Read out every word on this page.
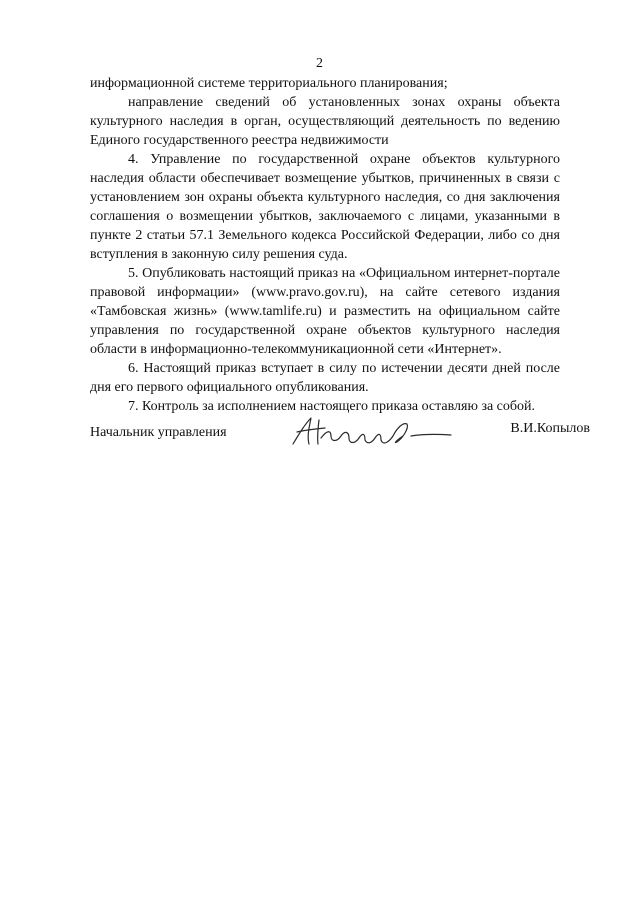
2

информационной системе территориального планирования;

направление сведений об установленных зонах охраны объекта культурного наследия в орган, осуществляющий деятельность по ведению Единого государственного реестра недвижимости

4. Управление по государственной охране объектов культурного наследия области обеспечивает возмещение убытков, причиненных в связи с установлением зон охраны объекта культурного наследия, со дня заключения соглашения о возмещении убытков, заключаемого с лицами, указанными в пункте 2 статьи 57.1 Земельного кодекса Российской Федерации, либо со дня вступления в законную силу решения суда.

5. Опубликовать настоящий приказ на «Официальном интернет-портале правовой информации» (www.pravo.gov.ru), на сайте сетевого издания «Тамбовская жизнь» (www.tamlife.ru) и разместить на официальном сайте управления по государственной охране объектов культурного наследия области в информационно-телекоммуникационной сети «Интернет».

6. Настоящий приказ вступает в силу по истечении десяти дней после дня его первого официального опубликования.

7. Контроль за исполнением настоящего приказа оставляю за собой.

Начальник управления	В.И.Копылов
